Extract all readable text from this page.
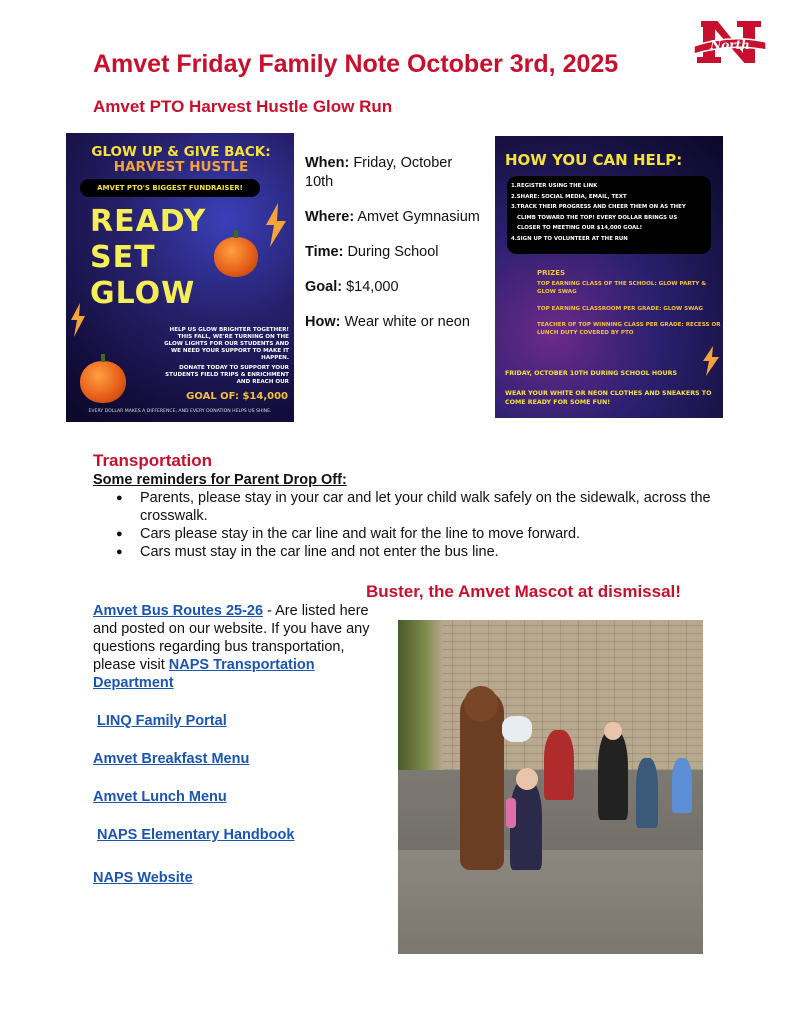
Amvet Friday Family Note October 3rd, 2025
Amvet PTO Harvest Hustle Glow Run
North
GLOW UP & GIVE BACK:
HARVEST HUSTLE
AMVET PTO'S BIGGEST FUNDRAISER!
READY
SET
GLOW
HELP US GLOW BRIGHTER TOGETHER! THIS FALL, WE'RE TURNING ON THE GLOW LIGHTS FOR OUR STUDENTS AND WE NEED YOUR SUPPORT TO MAKE IT HAPPEN.
DONATE TODAY TO SUPPORT YOUR STUDENTS FIELD TRIPS & ENRICHMENT AND REACH OUR
GOAL OF: $14,000
EVERY DOLLAR MAKES A DIFFERENCE, AND EVERY DONATION HELPS US SHINE.

When: Friday, October 10th

Where: Amvet Gymnasium

Time: During School

Goal: $14,000

How: Wear white or neon

HOW YOU CAN HELP:
1.REGISTER USING THE LINK
2.SHARE: SOCIAL MEDIA, EMAIL, TEXT
3.TRACK THEIR PROGRESS AND CHEER THEM ON AS THEY
CLIMB TOWARD THE TOP! EVERY DOLLAR BRINGS US
CLOSER TO MEETING OUR $14,000 GOAL!
4.SIGN UP TO VOLUNTEER AT THE RUN
PRIZES
TOP EARNING CLASS OF THE SCHOOL: GLOW PARTY & GLOW SWAG
TOP EARNING CLASSROOM PER GRADE: GLOW SWAG
TEACHER OF TOP WINNING CLASS PER GRADE: RECESS OR LUNCH DUTY COVERED BY PTO
FRIDAY, OCTOBER 10TH DURING SCHOOL HOURS
WEAR YOUR WHITE OR NEON CLOTHES AND SNEAKERS TO COME READY FOR SOME FUN!
Transportation
Some reminders for Parent Drop Off:
● Parents, please stay in your car and let your child walk safely on the sidewalk, across the crosswalk.
● Cars please stay in the car line and wait for the line to move forward.
● Cars must stay in the car line and not enter the bus line.
Buster, the Amvet Mascot at dismissal!
Amvet Bus Routes 25-26 - Are listed here and posted on our website. If you have any questions regarding bus transportation, please visit NAPS Transportation Department
LINQ Family Portal
Amvet Breakfast Menu
Amvet Lunch Menu
NAPS Elementary Handbook
NAPS Website
